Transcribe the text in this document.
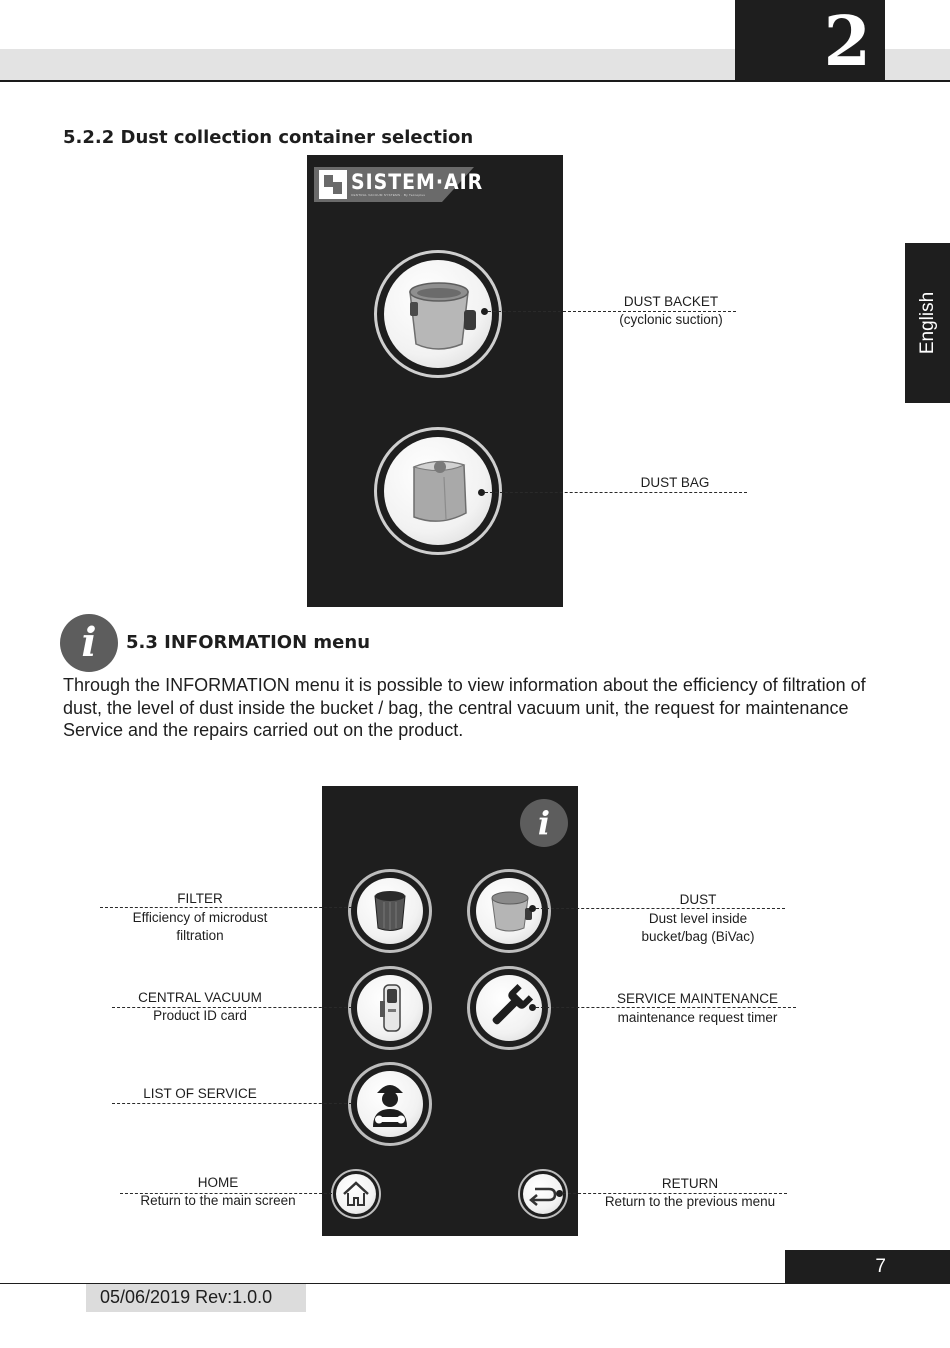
2
English
5.2.2 Dust collection container selection
SISTEM·AIR
CENTRAL VACUUM SYSTEMS · By Tecnoplus
DUST BACKET
(cyclonic suction)
DUST BAG
i	5.3 INFORMATION menu
Through the INFORMATION menu it is possible to view information about the efficiency of filtration of dust, the level of dust inside the bucket / bag, the central vacuum unit, the request for maintenance Service and the repairs carried out on the product.
i
FILTER
Efficiency of microdust
filtration
DUST
Dust level inside
bucket/bag (BiVac)
CENTRAL VACUUM
Product ID card
SERVICE MAINTENANCE
maintenance request timer
LIST OF SERVICE
HOME
Return to the main screen
RETURN
Return to the previous menu
7
05/06/2019 Rev:1.0.0
